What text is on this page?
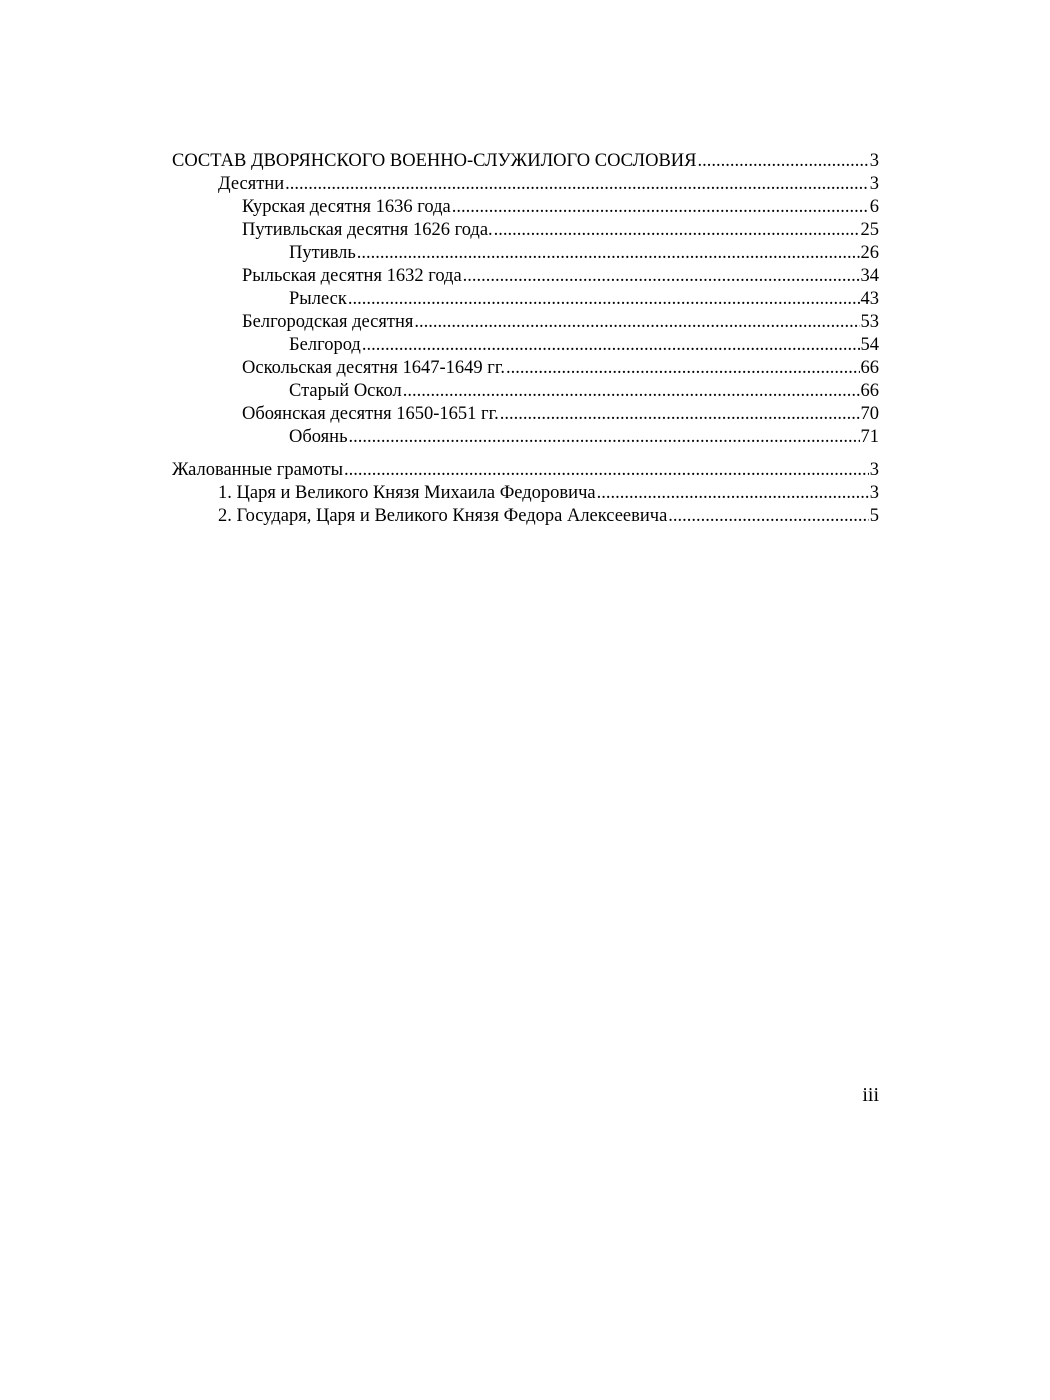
СОСТАВ ДВОРЯНСКОГО ВОЕННО-СЛУЖИЛОГО СОСЛОВИЯ .....	3
Десятни .....	3
Курская десятня 1636 года .....	6
Путивльская десятня 1626 года. .....	25
Путивль .....	26
Рыльская десятня 1632 года .....	34
Рылеск .....	43
Белгородская десятня .....	53
Белгород .....	54
Оскольская десятня 1647-1649 гг. .....	66
Старый Оскол .....	66
Обоянская десятня 1650-1651 гг. .....	70
Обоянь .....	71
Жалованные грамоты .....	3
1. Царя и Великого Князя Михаила Федоровича .....	3
2. Государя, Царя и Великого Князя Федора Алексеевича .....	5
iii
